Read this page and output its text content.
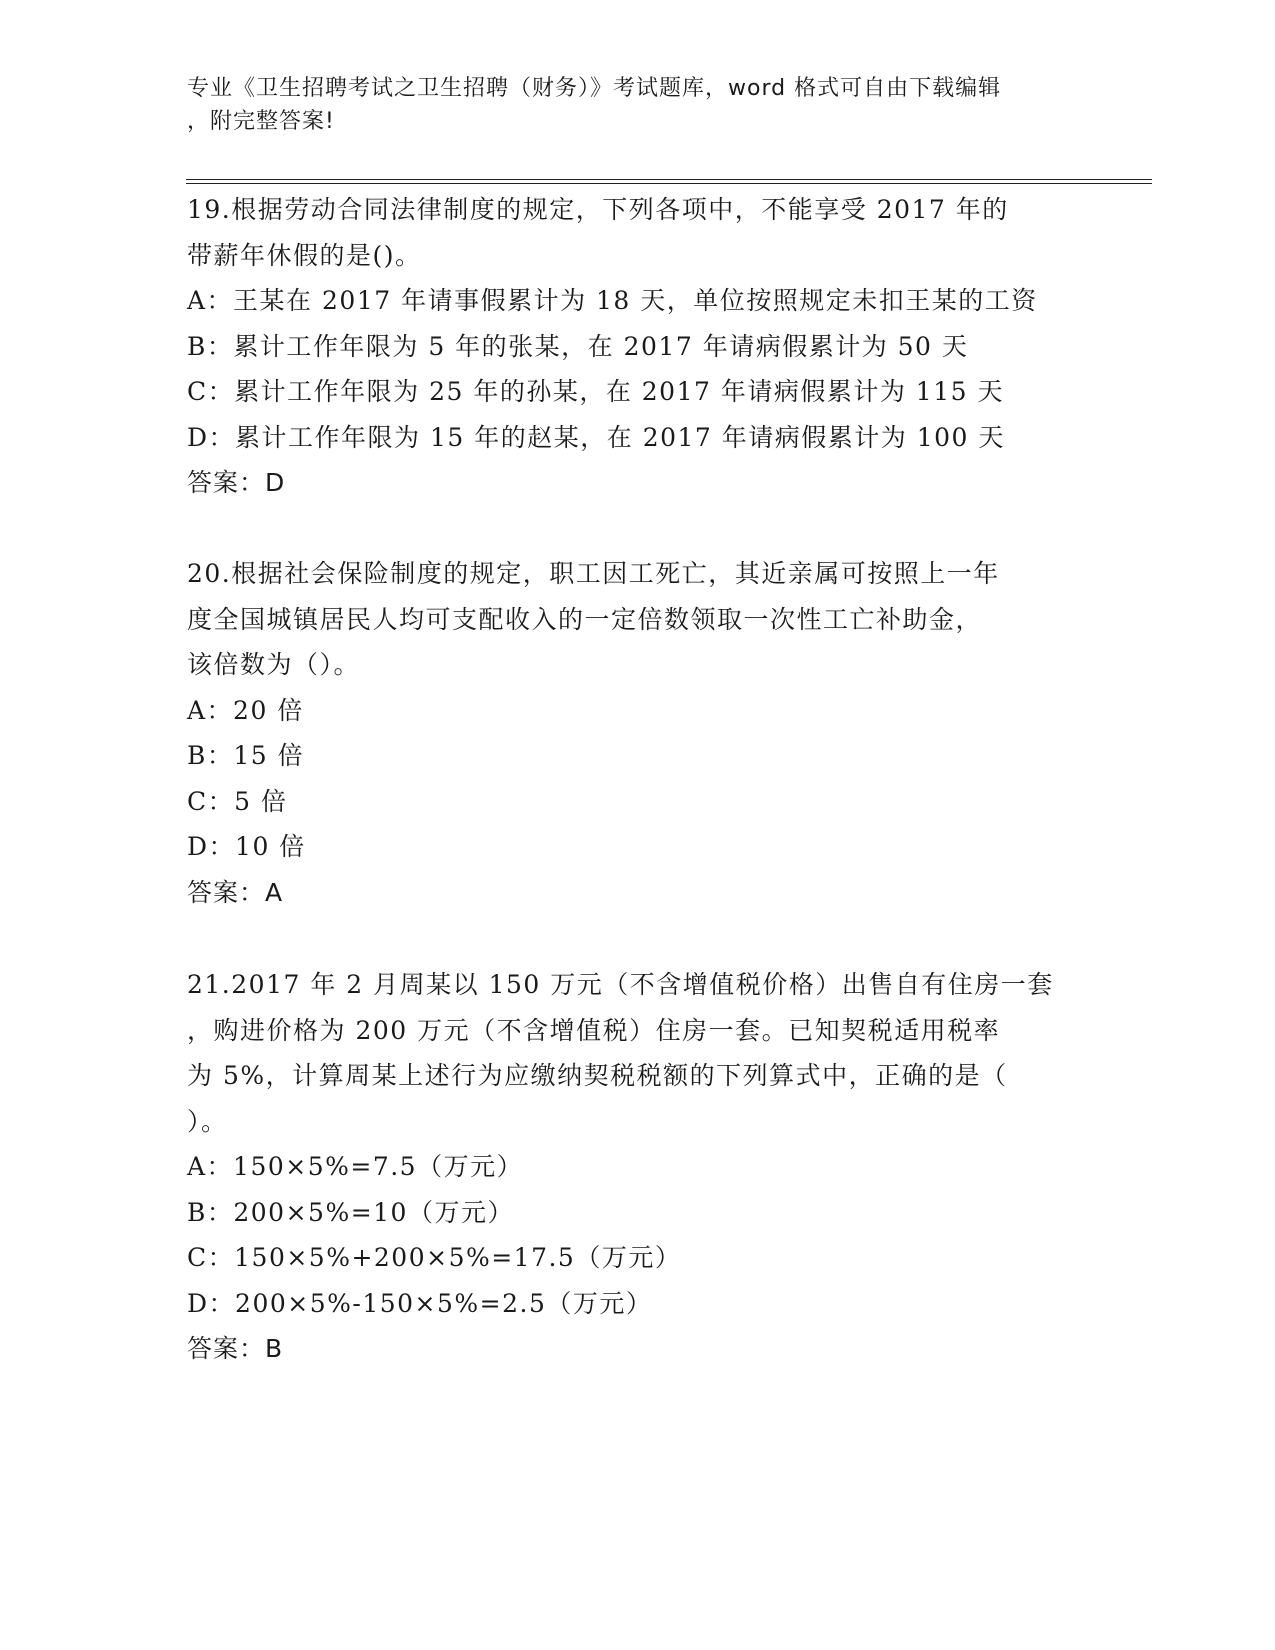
专业《卫生招聘考试之卫生招聘（财务）》考试题库，word 格式可自由下载编辑
，附完整答案!
19.根据劳动合同法律制度的规定，下列各项中，不能享受 2017 年的
带薪年休假的是()。
A：王某在 2017 年请事假累计为 18 天，单位按照规定未扣王某的工资
B：累计工作年限为 5 年的张某，在 2017 年请病假累计为 50 天
C：累计工作年限为 25 年的孙某，在 2017 年请病假累计为 115 天
D：累计工作年限为 15 年的赵某，在 2017 年请病假累计为 100 天
答案：D
20.根据社会保险制度的规定，职工因工死亡，其近亲属可按照上一年
度全国城镇居民人均可支配收入的一定倍数领取一次性工亡补助金，
该倍数为（）。
A：20 倍
B：15 倍
C：5 倍
D：10 倍
答案：A
21.2017 年 2 月周某以 150 万元（不含增值税价格）出售自有住房一套
，购进价格为 200 万元（不含增值税）住房一套。已知契税适用税率
为 5%，计算周某上述行为应缴纳契税税额的下列算式中，正确的是（
）。
A：150×5%=7.5（万元）
B：200×5%=10（万元）
C：150×5%+200×5%=17.5（万元）
D：200×5%-150×5%=2.5（万元）
答案：B
